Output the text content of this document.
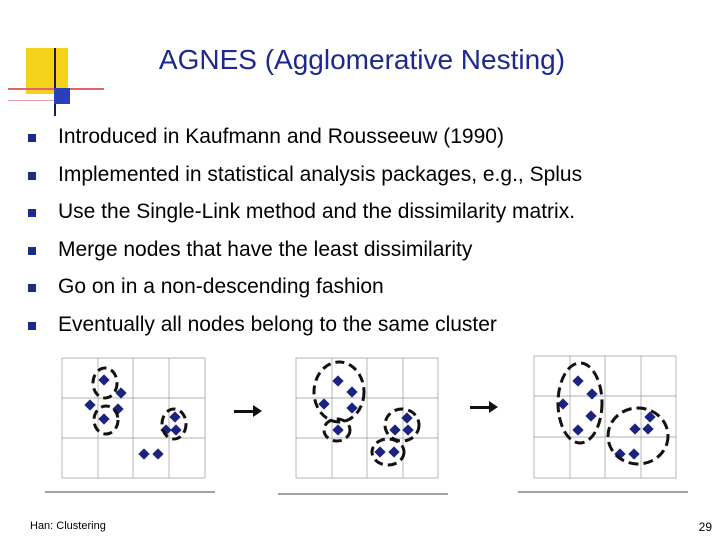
AGNES (Agglomerative Nesting)
Introduced in Kaufmann and Rousseeuw (1990)
Implemented in statistical analysis packages, e.g., Splus
Use the Single-Link method and the dissimilarity matrix.
Merge nodes that have the least dissimilarity
Go on in a non-descending fashion
Eventually all nodes belong to the same cluster
.
.
.
.
.
.
Han: Clustering	29
